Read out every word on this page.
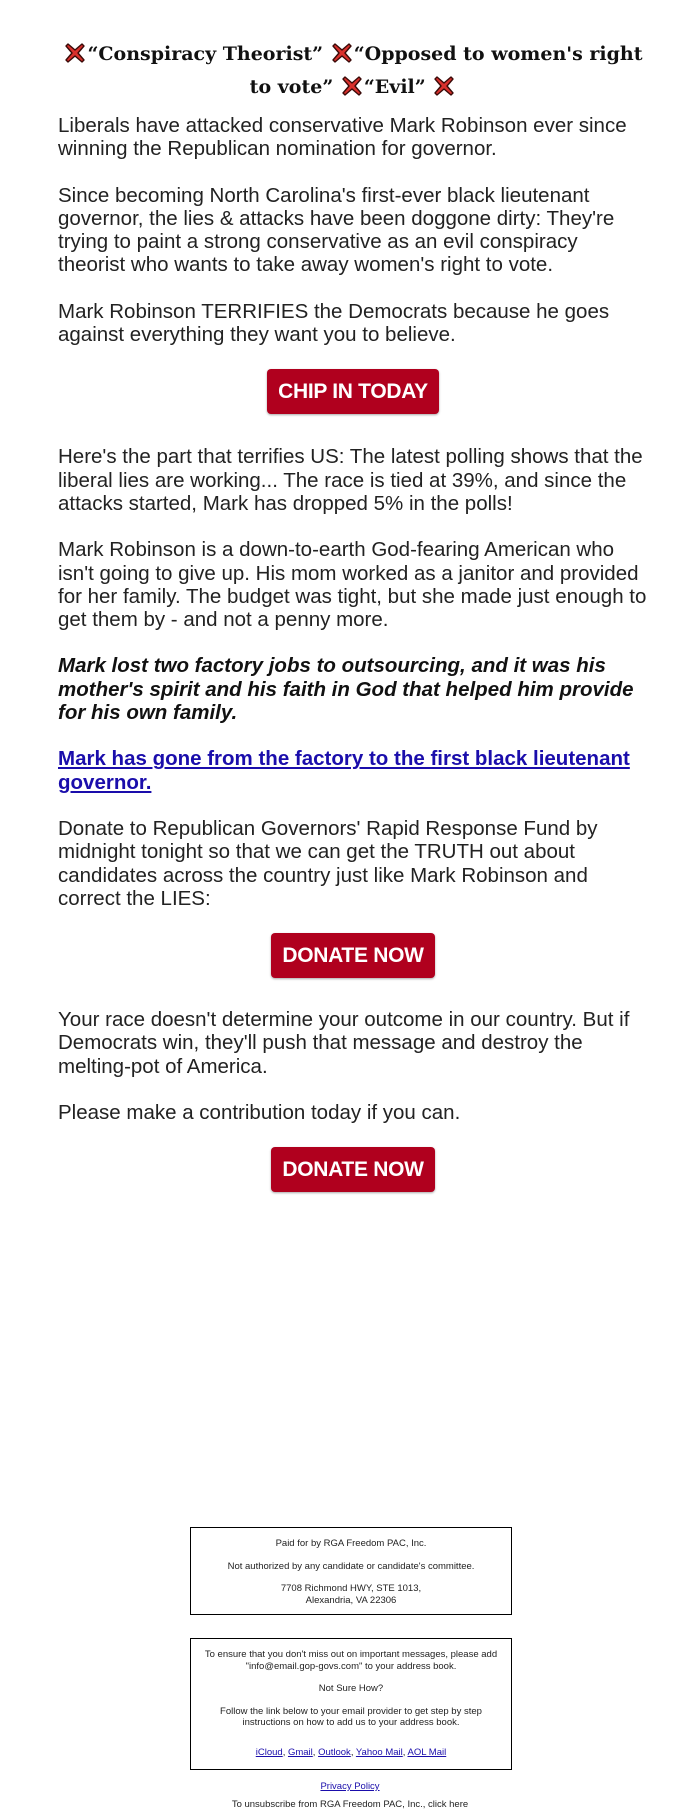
“Conspiracy Theorist” “Opposed to women's right to vote” “Evil”

Liberals have attacked conservative Mark Robinson ever since winning the Republican nomination for governor.

Since becoming North Carolina's first-ever black lieutenant governor, the lies & attacks have been doggone dirty: They're trying to paint a strong conservative as an evil conspiracy theorist who wants to take away women's right to vote.

Mark Robinson TERRIFIES the Democrats because he goes against everything they want you to believe.

CHIP IN TODAY

Here's the part that terrifies US: The latest polling shows that the liberal lies are working... The race is tied at 39%, and since the attacks started, Mark has dropped 5% in the polls!

Mark Robinson is a down-to-earth God-fearing American who isn't going to give up. His mom worked as a janitor and provided for her family. The budget was tight, but she made just enough to get them by - and not a penny more.

Mark lost two factory jobs to outsourcing, and it was his mother's spirit and his faith in God that helped him provide for his own family.

Mark has gone from the factory to the first black lieutenant governor.

Donate to Republican Governors' Rapid Response Fund by midnight tonight so that we can get the TRUTH out about candidates across the country just like Mark Robinson and correct the LIES:

DONATE NOW

Your race doesn't determine your outcome in our country. But if Democrats win, they'll push that message and destroy the melting-pot of America.

Please make a contribution today if you can.

DONATE NOW

Paid for by RGA Freedom PAC, Inc.

Not authorized by any candidate or candidate's committee.

7708 Richmond HWY, STE 1013,
Alexandria, VA 22306

To ensure that you don't miss out on important messages, please add "info@email.gop-govs.com" to your address book.

Not Sure How?

Follow the link below to your email provider to get step by step instructions on how to add us to your address book.

iCloud, Gmail, Outlook, Yahoo Mail, AOL Mail

Privacy Policy
To unsubscribe from RGA Freedom PAC, Inc., click here
